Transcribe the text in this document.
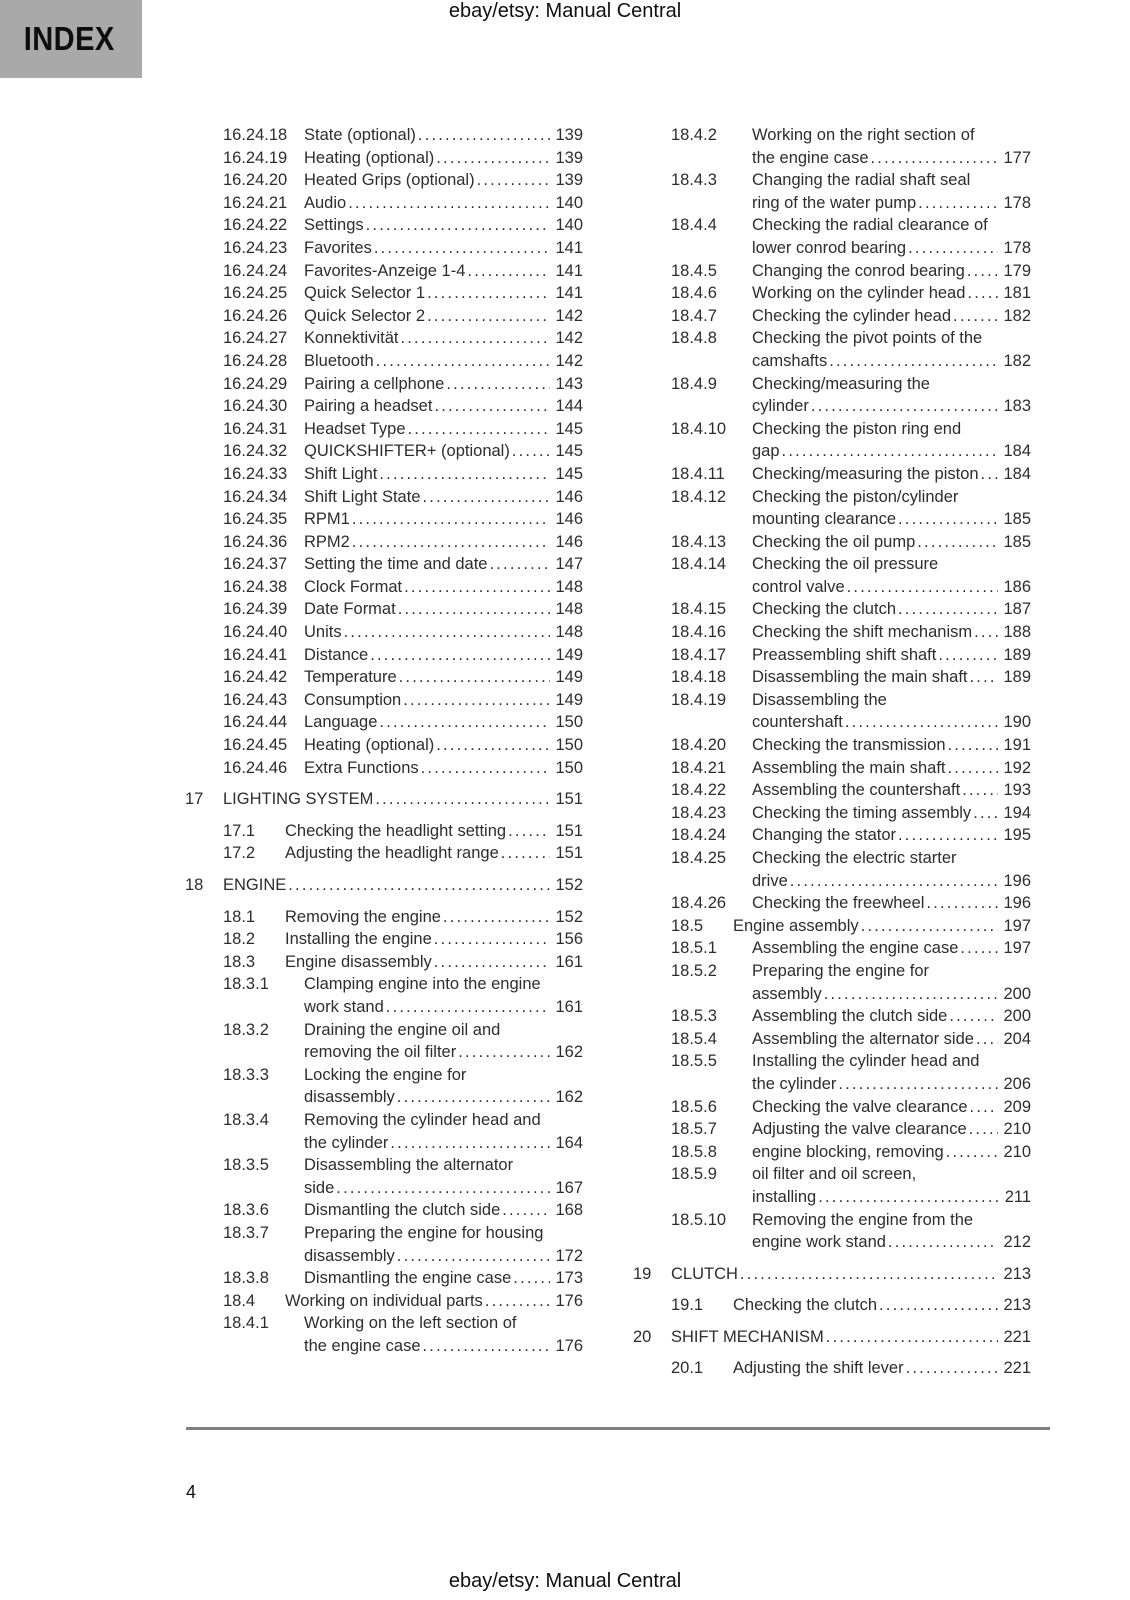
INDEX
ebay/etsy: Manual Central
16.24.18	State (optional) .....	139
16.24.19	Heating (optional) .....	139
16.24.20	Heated Grips (optional) .....	139
16.24.21	Audio .....	140
16.24.22	Settings .....	140
16.24.23	Favorites .....	141
16.24.24	Favorites-Anzeige 1-4 .....	141
16.24.25	Quick Selector 1 .....	141
16.24.26	Quick Selector 2 .....	142
16.24.27	Konnektivität .....	142
16.24.28	Bluetooth .....	142
16.24.29	Pairing a cellphone .....	143
16.24.30	Pairing a headset .....	144
16.24.31	Headset Type .....	145
16.24.32	QUICKSHIFTER+ (optional) .....	145
16.24.33	Shift Light .....	145
16.24.34	Shift Light State .....	146
16.24.35	RPM1 .....	146
16.24.36	RPM2 .....	146
16.24.37	Setting the time and date .....	147
16.24.38	Clock Format .....	148
16.24.39	Date Format .....	148
16.24.40	Units .....	148
16.24.41	Distance .....	149
16.24.42	Temperature .....	149
16.24.43	Consumption .....	149
16.24.44	Language .....	150
16.24.45	Heating (optional) .....	150
16.24.46	Extra Functions .....	150
17	LIGHTING SYSTEM .....	151
17.1	Checking the headlight setting .....	151
17.2	Adjusting the headlight range .....	151
18	ENGINE .....	152
18.1	Removing the engine .....	152
18.2	Installing the engine .....	156
18.3	Engine disassembly .....	161
18.3.1	Clamping engine into the engine
work stand .....	161
18.3.2	Draining the engine oil and
removing the oil filter .....	162
18.3.3	Locking the engine for
disassembly .....	162
18.3.4	Removing the cylinder head and
the cylinder .....	164
18.3.5	Disassembling the alternator
side .....	167
18.3.6	Dismantling the clutch side .....	168
18.3.7	Preparing the engine for housing
disassembly .....	172
18.3.8	Dismantling the engine case .....	173
18.4	Working on individual parts .....	176
18.4.1	Working on the left section of
the engine case .....	176
18.4.2	Working on the right section of
the engine case .....	177
18.4.3	Changing the radial shaft seal
ring of the water pump .....	178
18.4.4	Checking the radial clearance of
lower conrod bearing .....	178
18.4.5	Changing the conrod bearing ..... 179
18.4.6	Working on the cylinder head ..... 181
18.4.7	Checking the cylinder head .....	182
18.4.8	Checking the pivot points of the
camshafts .....	182
18.4.9	Checking/measuring the
cylinder .....	183
18.4.10	Checking the piston ring end
gap .....	184
18.4.11	Checking/measuring the piston ..... 184
18.4.12	Checking the piston/cylinder
mounting clearance .....	185
18.4.13	Checking the oil pump .....	185
18.4.14	Checking the oil pressure
control valve .....	186
18.4.15	Checking the clutch .....	187
18.4.16	Checking the shift mechanism ..... 188
18.4.17	Preassembling shift shaft .....	189
18.4.18	Disassembling the main shaft ..... 189
18.4.19	Disassembling the
countershaft .....	190
18.4.20	Checking the transmission .....	191
18.4.21	Assembling the main shaft .....	192
18.4.22	Assembling the countershaft .....	193
18.4.23	Checking the timing assembly ..... 194
18.4.24	Changing the stator .....	195
18.4.25	Checking the electric starter
drive .....	196
18.4.26	Checking the freewheel .....	196
18.5	Engine assembly .....	197
18.5.1	Assembling the engine case .....	197
18.5.2	Preparing the engine for
assembly .....	200
18.5.3	Assembling the clutch side .....	200
18.5.4	Assembling the alternator side ..... 204
18.5.5	Installing the cylinder head and
the cylinder .....	206
18.5.6	Checking the valve clearance ..... 209
18.5.7	Adjusting the valve clearance ..... 210
18.5.8	engine blocking, removing .....	210
18.5.9	oil filter and oil screen,
installing .....	211
18.5.10	Removing the engine from the
engine work stand .....	212
19	CLUTCH .....	213
19.1	Checking the clutch .....	213
20	SHIFT MECHANISM .....	221
20.1	Adjusting the shift lever .....	221
4
ebay/etsy: Manual Central
